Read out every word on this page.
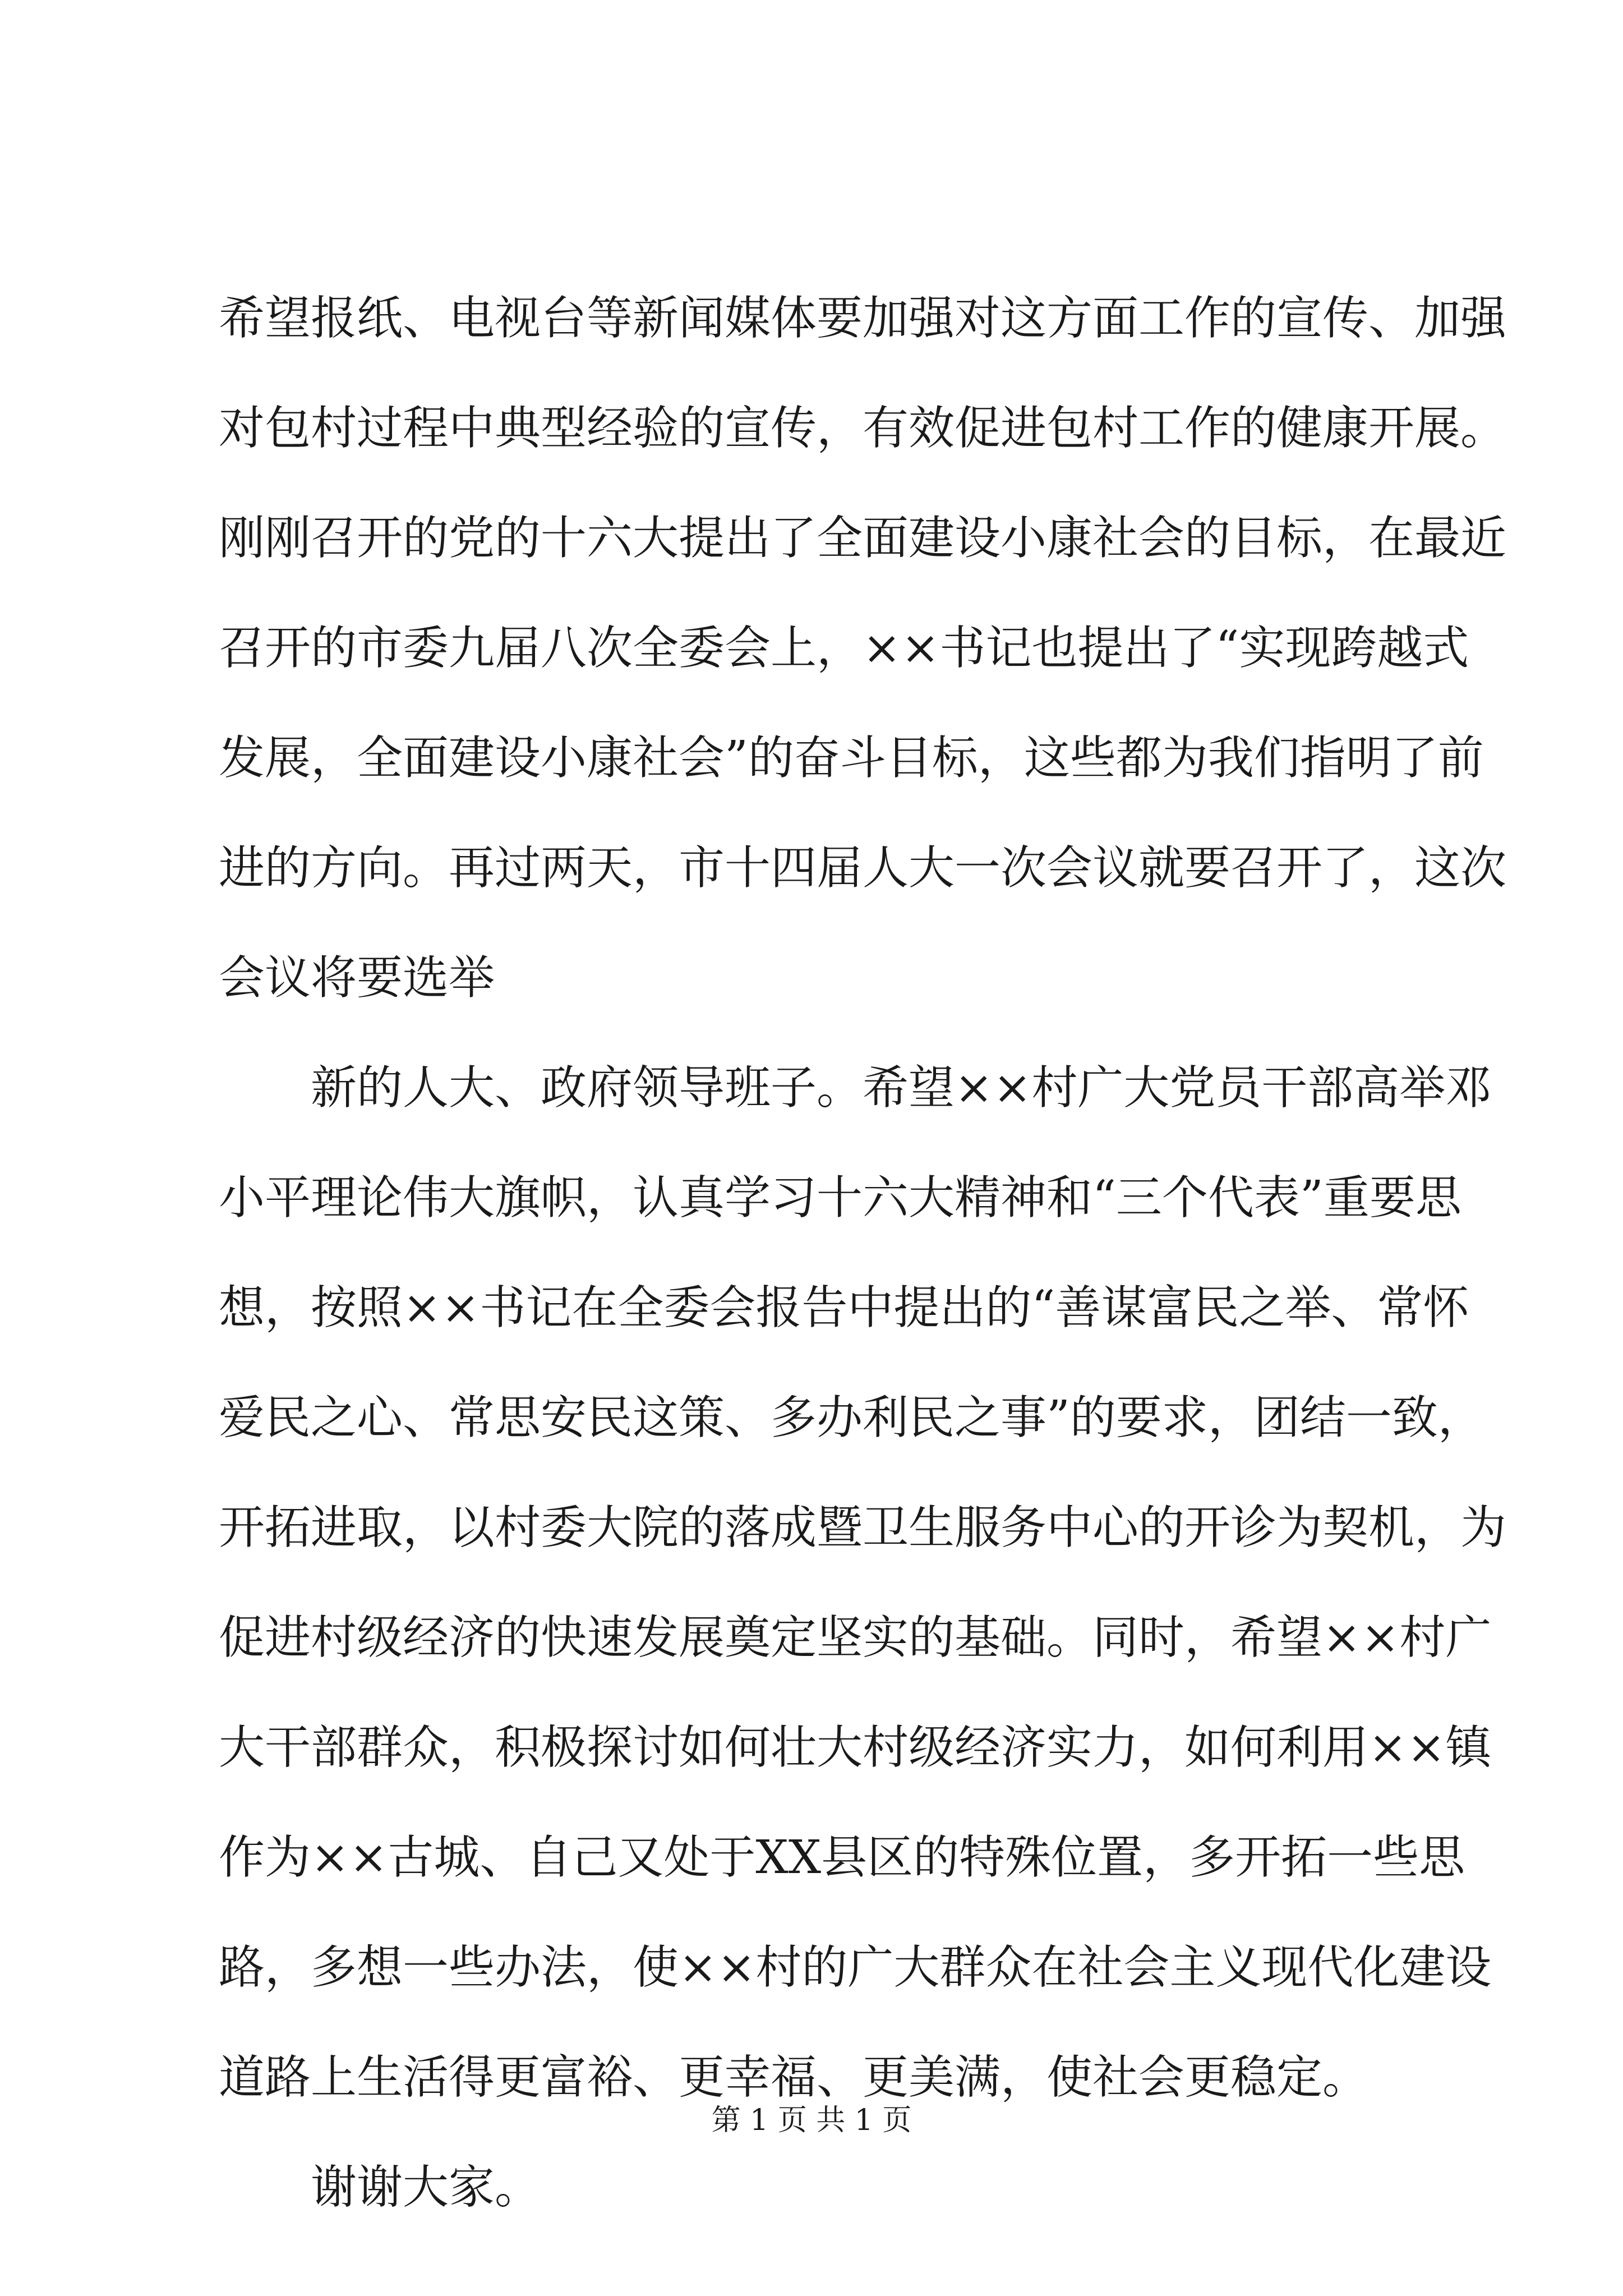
希望报纸、电视台等新闻媒体要加强对这方面工作的宣传、加强
对包村过程中典型经验的宣传，有效促进包村工作的健康开展。
刚刚召开的党的十六大提出了全面建设小康社会的目标，在最近
召开的市委九届八次全委会上，××书记也提出了“实现跨越式
发展，全面建设小康社会”的奋斗目标，这些都为我们指明了前
进的方向。再过两天，市十四届人大一次会议就要召开了，这次
会议将要选举
新的人大、政府领导班子。希望××村广大党员干部高举邓
小平理论伟大旗帜，认真学习十六大精神和“三个代表”重要思
想，按照××书记在全委会报告中提出的“善谋富民之举、常怀
爱民之心、常思安民这策、多办利民之事”的要求，团结一致，
开拓进取，以村委大院的落成暨卫生服务中心的开诊为契机，为
促进村级经济的快速发展奠定坚实的基础。同时，希望××村广
大干部群众，积极探讨如何壮大村级经济实力，如何利用××镇
作为××古城、自己又处于XX县区的特殊位置，多开拓一些思
路，多想一些办法，使××村的广大群众在社会主义现代化建设
道路上生活得更富裕、更幸福、更美满，使社会更稳定。
谢谢大家。
第 1 页 共 1 页
